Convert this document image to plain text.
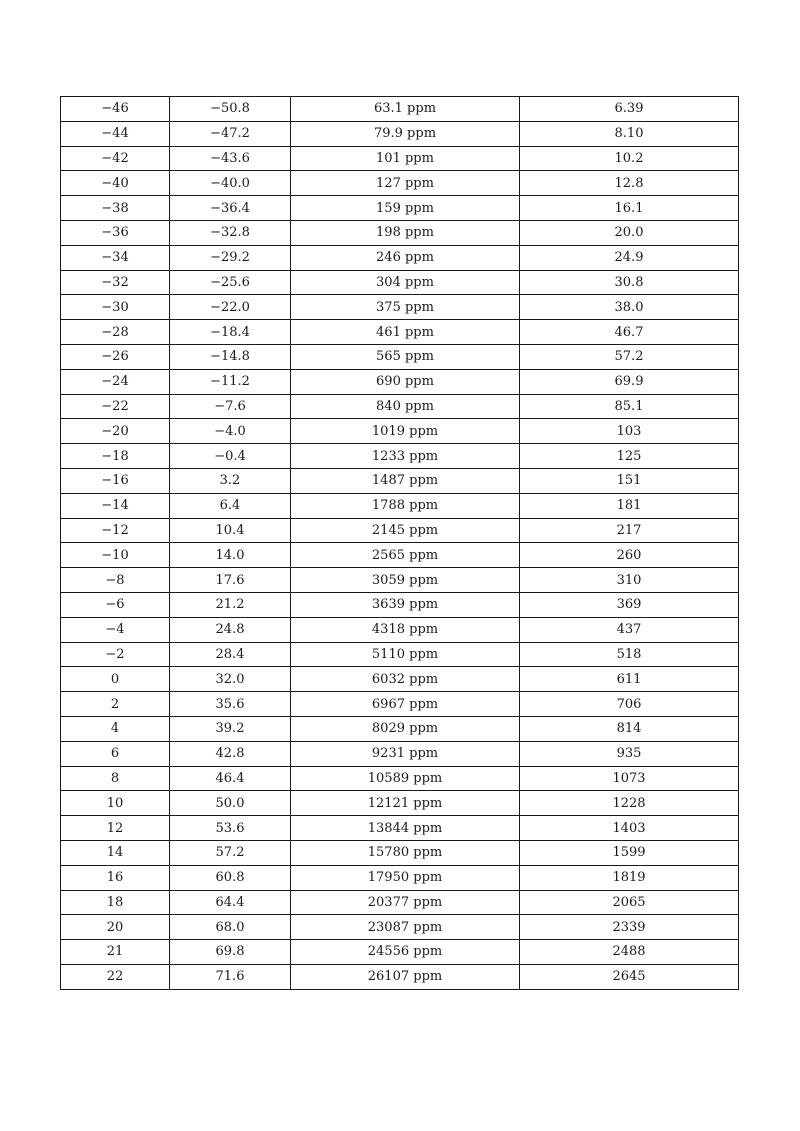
−46	−50.8	63.1 ppm	6.39
−44	−47.2	79.9 ppm	8.10
−42	−43.6	101 ppm	10.2
−40	−40.0	127 ppm	12.8
−38	−36.4	159 ppm	16.1
−36	−32.8	198 ppm	20.0
−34	−29.2	246 ppm	24.9
−32	−25.6	304 ppm	30.8
−30	−22.0	375 ppm	38.0
−28	−18.4	461 ppm	46.7
−26	−14.8	565 ppm	57.2
−24	−11.2	690 ppm	69.9
−22	−7.6	840 ppm	85.1
−20	−4.0	1019 ppm	103
−18	−0.4	1233 ppm	125
−16	3.2	1487 ppm	151
−14	6.4	1788 ppm	181
−12	10.4	2145 ppm	217
−10	14.0	2565 ppm	260
−8	17.6	3059 ppm	310
−6	21.2	3639 ppm	369
−4	24.8	4318 ppm	437
−2	28.4	5110 ppm	518
0	32.0	6032 ppm	611
2	35.6	6967 ppm	706
4	39.2	8029 ppm	814
6	42.8	9231 ppm	935
8	46.4	10589 ppm	1073
10	50.0	12121 ppm	1228
12	53.6	13844 ppm	1403
14	57.2	15780 ppm	1599
16	60.8	17950 ppm	1819
18	64.4	20377 ppm	2065
20	68.0	23087 ppm	2339
21	69.8	24556 ppm	2488
22	71.6	26107 ppm	2645
